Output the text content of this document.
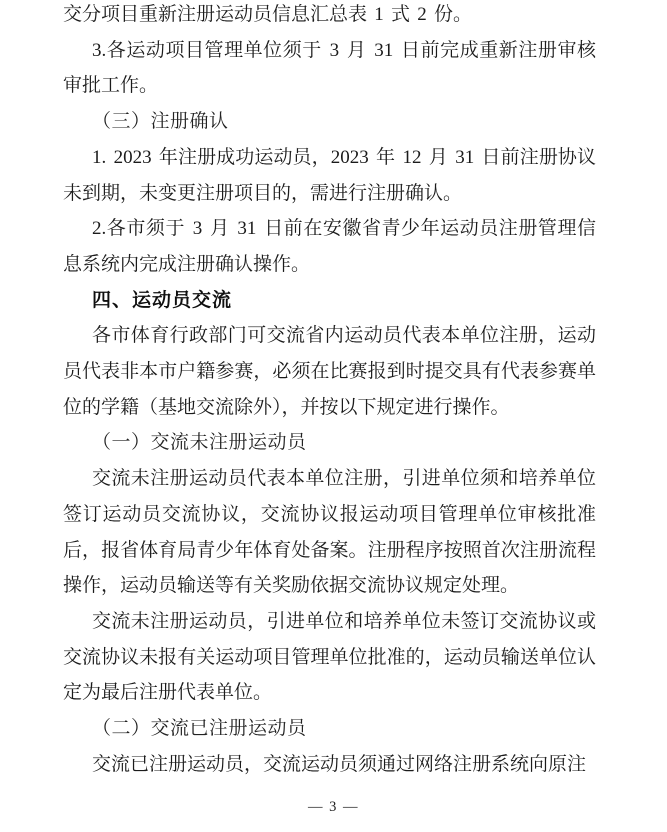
交分项目重新注册运动员信息汇总表 1 式 2 份。

3.各运动项目管理单位须于 3 月 31 日前完成重新注册审核审批工作。

（三）注册确认

1. 2023 年注册成功运动员，2023 年 12 月 31 日前注册协议未到期，未变更注册项目的，需进行注册确认。

2.各市须于 3 月 31 日前在安徽省青少年运动员注册管理信息系统内完成注册确认操作。

四、运动员交流

各市体育行政部门可交流省内运动员代表本单位注册，运动员代表非本市户籍参赛，必须在比赛报到时提交具有代表参赛单位的学籍（基地交流除外），并按以下规定进行操作。

（一）交流未注册运动员

交流未注册运动员代表本单位注册，引进单位须和培养单位签订运动员交流协议，交流协议报运动项目管理单位审核批准后，报省体育局青少年体育处备案。注册程序按照首次注册流程操作，运动员输送等有关奖励依据交流协议规定处理。

交流未注册运动员，引进单位和培养单位未签订交流协议或交流协议未报有关运动项目管理单位批准的，运动员输送单位认定为最后注册代表单位。

（二）交流已注册运动员

交流已注册运动员，交流运动员须通过网络注册系统向原注

— 3 —
